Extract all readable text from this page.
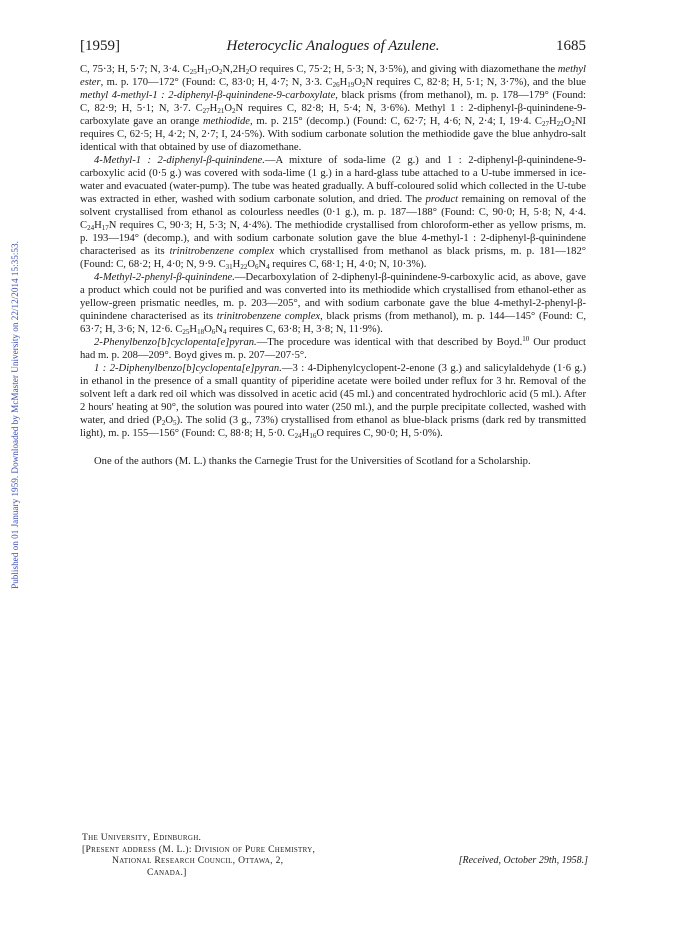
Published on 01 January 1959. Downloaded by McMaster University on 22/12/2014 15:35:53.
[1959]	Heterocyclic Analogues of Azulene.	1685

C, 75·3; H, 5·7; N, 3·4. $C_{25}H_{17}O_2N,2H_2O$ requires C, 75·2; H, 5·3; N, 3·5%), and giving with diazomethane the methyl ester, m. p. 170—172° (Found: C, 83·0; H, 4·7; N, 3·3. $C_{26}H_{19}O_2N$ requires C, 82·8; H, 5·1; N, 3·7%), and the blue methyl 4-methyl-1 : 2-diphenyl-β-quinindene-9-carboxylate, black prisms (from methanol), m. p. 178—179° (Found: C, 82·9; H, 5·1; N, 3·7. $C_{27}H_{21}O_2N$ requires C, 82·8; H, 5·4; N, 3·6%). Methyl 1 : 2-diphenyl-β-quinindene-9-carboxylate gave an orange methiodide, m. p. 215° (decomp.) (Found: C, 62·7; H, 4·6; N, 2·4; I, 19·4. $C_{27}H_{22}O_2NI$ requires C, 62·5; H, 4·2; N, 2·7; I, 24·5%). With sodium carbonate solution the methiodide gave the blue anhydro-salt identical with that obtained by use of diazomethane.

4-Methyl-1 : 2-diphenyl-β-quinindene.—A mixture of soda-lime (2 g.) and 1 : 2-diphenyl-β-quinindene-9-carboxylic acid (0·5 g.) was covered with soda-lime (1 g.) in a hard-glass tube attached to a U-tube immersed in ice-water and evacuated (water-pump). The tube was heated gradually. A buff-coloured solid which collected in the U-tube was extracted in ether, washed with sodium carbonate solution, and dried. The product remaining on removal of the solvent crystallised from ethanol as colourless needles (0·1 g.), m. p. 187—188° (Found: C, 90·0; H, 5·8; N, 4·4. $C_{24}H_{17}N$ requires C, 90·3; H, 5·3; N, 4·4%). The methiodide crystallised from chloroform-ether as yellow prisms, m. p. 193—194° (decomp.), and with sodium carbonate solution gave the blue 4-methyl-1 : 2-diphenyl-β-quinindene characterised as its trinitrobenzene complex which crystallised from methanol as black prisms, m. p. 181—182° (Found: C, 68·2; H, 4·0; N, 9·9. $C_{31}H_{22}O_6N_4$ requires C, 68·1; H, 4·0; N, 10·3%).

4-Methyl-2-phenyl-β-quinindene.—Decarboxylation of 2-diphenyl-β-quinindene-9-carboxylic acid, as above, gave a product which could not be purified and was converted into its methiodide which crystallised from ethanol-ether as yellow-green prismatic needles, m. p. 203—205°, and with sodium carbonate gave the blue 4-methyl-2-phenyl-β-quinindene characterised as its trinitrobenzene complex, black prisms (from methanol), m. p. 144—145° (Found: C, 63·7; H, 3·6; N, 12·6. $C_{25}H_{18}O_6N_4$ requires C, 63·8; H, 3·8; N, 11·9%).

2-Phenylbenzo[b]cyclopenta[e]pyran.—The procedure was identical with that described by Boyd.$^{10}$ Our product had m. p. 208—209°. Boyd gives m. p. 207—207·5°.

1 : 2-Diphenylbenzo[b]cyclopenta[e]pyran.—3 : 4-Diphenylcyclopent-2-enone (3 g.) and salicylaldehyde (1·6 g.) in ethanol in the presence of a small quantity of piperidine acetate were boiled under reflux for 3 hr. Removal of the solvent left a dark red oil which was dissolved in acetic acid (45 ml.) and concentrated hydrochloric acid (5 ml.). After 2 hours' heating at 90°, the solution was poured into water (250 ml.), and the purple precipitate collected, washed with water, and dried $(P_2O_5)$. The solid (3 g., 73%) crystallised from ethanol as blue-black prisms (dark red by transmitted light), m. p. 155—156° (Found: C, 88·8; H, 5·0. $C_{24}H_{16}O$ requires C, 90·0; H, 5·0%).

One of the authors (M. L.) thanks the Carnegie Trust for the Universities of Scotland for a Scholarship.

The University, Edinburgh.
[Present address (M. L.): Division of Pure Chemistry,
National Research Council, Ottawa, 2,
Canada.]
[Received, October 29th, 1958.]
